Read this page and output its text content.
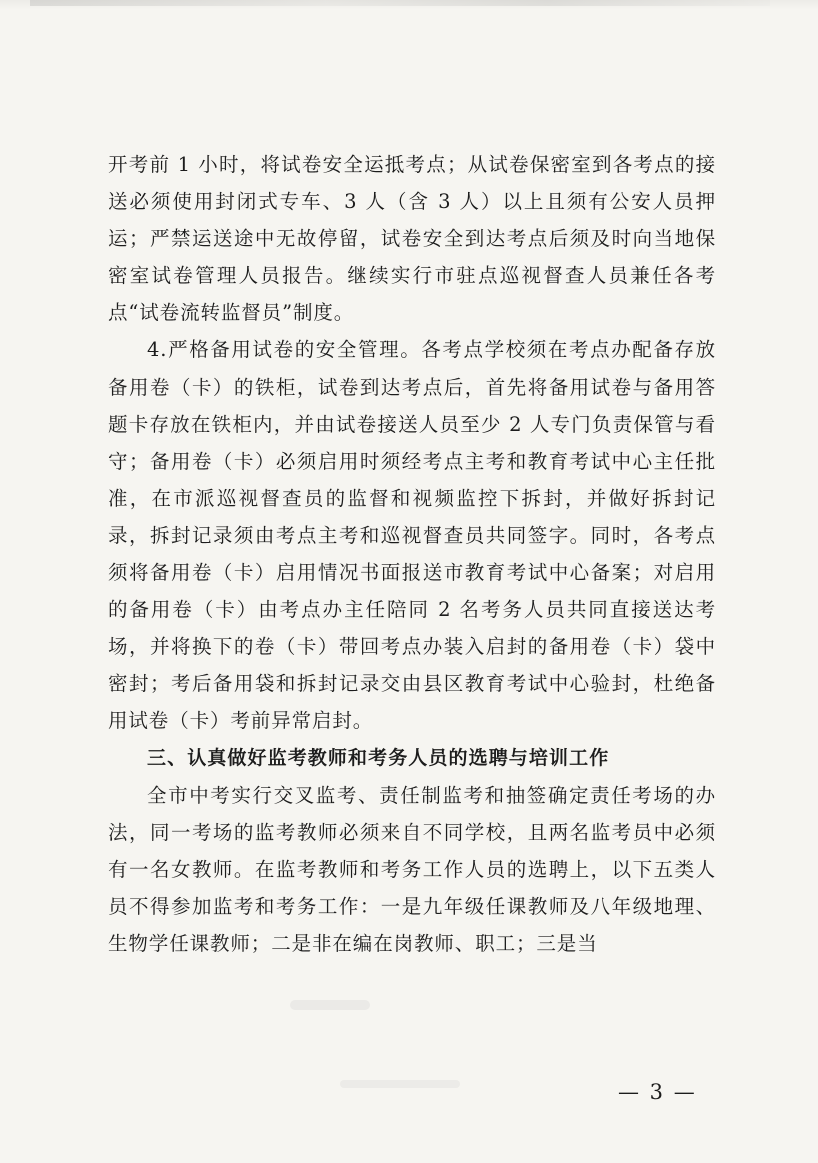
开考前 1 小时，将试卷安全运抵考点；从试卷保密室到各考点的接送必须使用封闭式专车、3 人（含 3 人）以上且须有公安人员押运；严禁运送途中无故停留，试卷安全到达考点后须及时向当地保密室试卷管理人员报告。继续实行市驻点巡视督查人员兼任各考点“试卷流转监督员”制度。

4.严格备用试卷的安全管理。各考点学校须在考点办配备存放备用卷（卡）的铁柜，试卷到达考点后，首先将备用试卷与备用答题卡存放在铁柜内，并由试卷接送人员至少 2 人专门负责保管与看守；备用卷（卡）必须启用时须经考点主考和教育考试中心主任批准，在市派巡视督查员的监督和视频监控下拆封，并做好拆封记录，拆封记录须由考点主考和巡视督查员共同签字。同时，各考点须将备用卷（卡）启用情况书面报送市教育考试中心备案；对启用的备用卷（卡）由考点办主任陪同 2 名考务人员共同直接送达考场，并将换下的卷（卡）带回考点办装入启封的备用卷（卡）袋中密封；考后备用袋和拆封记录交由县区教育考试中心验封，杜绝备用试卷（卡）考前异常启封。

三、认真做好监考教师和考务人员的选聘与培训工作

全市中考实行交叉监考、责任制监考和抽签确定责任考场的办法，同一考场的监考教师必须来自不同学校，且两名监考员中必须有一名女教师。在监考教师和考务工作人员的选聘上，以下五类人员不得参加监考和考务工作：一是九年级任课教师及八年级地理、生物学任课教师；二是非在编在岗教师、职工；三是当

— 3 —
